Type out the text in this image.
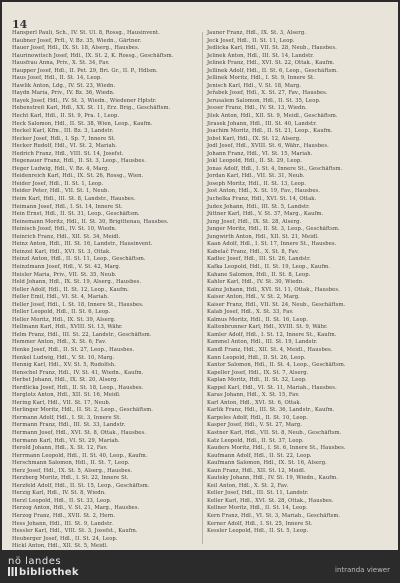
14
Hansperl Pauli, Sch., IV. St. Ul. 8, Rossg., Hausinvent.
Haubner Josef, Prfl., V. Bz. 35, Wiedn., Gärtner.
Hauer Josef, Hdl., IX. St. 18, Alserg., Hausbes.
Haurinowitsch Josef, Hdl., IX. St. 2, K. Rossg., Geschäftsm.
Hausfrau Anna, Priv., X. St. 34, Fav.
Haupper Josef, Hdl., II. Pet. 29, Bri. Gr., II. P., Hdlsm.
Haus Josef, Hdl., II. St. 14, Leop.
Hawlik Anton, Ldg., IV. St. 23, Wiedn.
Haydn Maria, Priv., IV. Bz. 36, Wiedn.
Hayek Josef, Hdl., IV. St. 3, Wiedn., Wiedener Hptstr.
Hebenstreit Karl, Hdl., XX. St. 11, Erz. Brig., Geschäftsm.
Hecht Karl, Hdl., II. St. 9, Pra. 1, Leop.
Heck Salomon, Hdl., II. St. 38, Wien, Leop., Kaufm.
Heckel Karl, Kfm., III. Bz. 3, Landstr.
Hecker Josef, Hdl., I. Sp. 7, Innere St.
Hecker Rudolf, Hdl., VI. St. 2, Mariah.
Hedrich Franz, Hdl., VIII. St. 14, Josefst.
Hegenauer Franz, Hdl., II. St. 3, Leop., Hausbes.
Heger Ludwig, Hdl., V. Bz. 4, Marg.
Heidenreich Karl, Hdl., IX. St. 26, Rossg., Wien.
Heider Josef, Hdl., II. St. 1, Leop.
Heider Peter, Hdl., VII. St. 1, Neub.
Heim Karl, Hdl., III. St. 8, Landstr., Hausbes.
Heimann Josef, Hdl., I. St. 14, Innere St.
Hein Ernst, Hdl., II. St. 31, Leop., Geschäftsm.
Heinemann Moritz, Hdl., II. St. 30, Brigittenau, Hausbes.
Heinisch Josef, Hdl., IV. St. 10, Wiedn.
Heinrich Franz, Hdl., XII. St. 34, Meidl.
Heinz Anton, Hdl., III. St. 16, Landstr., Hausinvent.
Heinzel Karl, Hdl., XVI. St. 3, Ottak.
Heinzl Anton, Hdl., II. St. 11, Leop., Geschäftsm.
Heinzlmann Josef, Hdl., V. St. 42, Marg.
Heisler Maria, Priv., VII. St. 35, Neub.
Held Johann, Hdl., IX. St. 19, Alserg., Hausbes.
Heller Adolf, Hdl., II. St. 12, Leop., Kaufm.
Heller Emil, Hdl., VI. St. 4, Mariah.
Heller Josef, Hdl., I. St. 18, Innere St., Hausbes.
Heller Leopold, Hdl., II. St. 6, Leop.
Heller Moritz, Hdl., IX. St. 39, Alserg.
Hellmann Karl, Hdl., XVIII. St. 13, Währ.
Helm Franz, Hdl., III. St. 22, Landstr., Geschäftsm.
Hemmer Anton, Hdl., X. St. 6, Fav.
Henke Josef, Hdl., II. St. 27, Leop., Hausbes.
Henkel Ludwig, Hdl., V. St. 10, Marg.
Hennig Karl, Hdl., XV. St. 5, Rudolfsh.
Henschel Franz, Hdl., IV. St. 41, Wiedn., Kaufm.
Herbst Johann, Hdl., IX. St. 20, Alserg.
Herdlicka Josef, Hdl., II. St. 18, Leop., Hausbes.
Herglotz Anton, Hdl., XII. St. 16, Meidl.
Hering Karl, Hdl., VII. St. 17, Neub.
Herlinger Moritz, Hdl., II. St. 2, Leop., Geschäftsm.
Hermann Adolf, Hdl., I. St. 3, Innere St.
Hermann Franz, Hdl., III. St. 33, Landstr.
Hermann Josef, Hdl., XVI. St. 8, Ottak., Hausbes.
Hermann Karl, Hdl., VI. St. 29, Mariah.
Herold Johann, Hdl., X. St. 12, Fav.
Herrmann Leopold, Hdl., II. St. 40, Leop., Kaufm.
Herschmann Salomon, Hdl., II. St. 7, Leop.
Herz Josef, Hdl., IX. St. 5, Alserg., Hausbes.
Herzberg Moritz, Hdl., I. St. 22, Innere St.
Herzfeld Adolf, Hdl., II. St. 15, Leop., Geschäftsm.
Herzig Karl, Hdl., IV. St. 8, Wiedn.
Herzl Leopold, Hdl., II. St. 33, Leop.
Herzog Anton, Hdl., V. St. 21, Marg., Hausbes.
Herzog Franz, Hdl., XVII. St. 2, Hern.
Hess Johann, Hdl., III. St. 9, Landstr.
Hessler Karl, Hdl., VIII. St. 3, Josefst., Kaufm.
Heuberger Josef, Hdl., II. St. 24, Leop.
Hickl Anton, Hdl., XII. St. 5, Meidl.
Jauner Franz, Hdl., IX. St. 3, Alserg.
Jeck Josef, Hdl., II. St. 11, Leop.
Jedlicka Karl, Hdl., VII. St. 28, Neub., Hausbes.
Jelinek Anton, Hdl., III. St. 14, Landstr.
Jelinek Franz, Hdl., XVI. St. 22, Ottak., Kaufm.
Jellinek Adolf, Hdl., II. St. 6, Leop., Geschäftsm.
Jellinek Moritz, Hdl., I. St. 9, Innere St.
Jenisch Karl, Hdl., V. St. 18, Marg.
Jeřabek Josef, Hdl., X. St. 27, Fav., Hausbes.
Jerusalem Salomon, Hdl., II. St. 35, Leop.
Jesser Franz, Hdl., IV. St. 13, Wiedn.
Jilek Anton, Hdl., XII. St. 9, Meidl., Geschäftsm.
Jirasek Johann, Hdl., III. St. 40, Landstr.
Joachim Moritz, Hdl., II. St. 21, Leop., Kaufm.
Jobst Karl, Hdl., IX. St. 12, Alserg.
Jodl Josef, Hdl., XVIII. St. 6, Währ., Hausbes.
Johann Franz, Hdl., VI. St. 15, Mariah.
Jokl Leopold, Hdl., II. St. 29, Leop.
Jonas Adolf, Hdl., I. St. 4, Innere St., Geschäftsm.
Jordan Karl, Hdl., VII. St. 31, Neub.
Joseph Moritz, Hdl., II. St. 13, Leop.
Jost Anton, Hdl., X. St. 19, Fav., Hausbes.
Juchelka Franz, Hdl., XVI. St. 14, Ottak.
Judex Johann, Hdl., III. St. 5, Landstr.
Jüttner Karl, Hdl., V. St. 37, Marg., Kaufm.
Jung Josef, Hdl., IX. St. 28, Alserg.
Junger Moritz, Hdl., II. St. 3, Leop., Geschäftsm.
Jungwirth Anton, Hdl., XII. St. 21, Meidl.
Kaan Adolf, Hdl., I. St. 17, Innere St., Hausbes.
Kabelač Franz, Hdl., X. St. 8, Fav.
Kadlec Josef, Hdl., III. St. 26, Landstr.
Kafka Leopold, Hdl., II. St. 19, Leop., Kaufm.
Kahane Salomon, Hdl., II. St. 8, Leop.
Kahler Karl, Hdl., IV. St. 30, Wiedn.
Kainz Johann, Hdl., XVI. St. 11, Ottak., Hausbes.
Kaiser Anton, Hdl., V. St. 2, Marg.
Kaiser Franz, Hdl., VII. St. 24, Neub., Geschäftsm.
Kalab Josef, Hdl., X. St. 33, Fav.
Kalmus Moritz, Hdl., II. St. 16, Leop.
Kaltenbrunner Karl, Hdl., XVIII. St. 9, Währ.
Kamler Adolf, Hdl., I. St. 12, Innere St., Kaufm.
Kammel Anton, Hdl., III. St. 19, Landstr.
Kandl Franz, Hdl., XII. St. 4, Meidl., Hausbes.
Kann Leopold, Hdl., II. St. 26, Leop.
Kantor Salomon, Hdl., II. St. 4, Leop., Geschäftsm.
Kapeller Josef, Hdl., IX. St. 7, Alserg.
Kaplan Moritz, Hdl., II. St. 32, Leop.
Kappel Karl, Hdl., VI. St. 11, Mariah., Hausbes.
Karas Johann, Hdl., X. St. 15, Fav.
Karl Anton, Hdl., XVI. St. 6, Ottak.
Karlik Franz, Hdl., III. St. 36, Landstr., Kaufm.
Karpeles Adolf, Hdl., II. St. 10, Leop.
Kasper Josef, Hdl., V. St. 27, Marg.
Kastner Karl, Hdl., VII. St. 8, Neub., Geschäftsm.
Katz Leopold, Hdl., II. St. 37, Leop.
Kauders Moritz, Hdl., I. St. 6, Innere St., Hausbes.
Kaufmann Adolf, Hdl., II. St. 22, Leop.
Kaufmann Salomon, Hdl., IX. St. 16, Alserg.
Kaun Franz, Hdl., XII. St. 12, Meidl.
Kautsky Johann, Hdl., IV. St. 19, Wiedn., Kaufm.
Keil Anton, Hdl., X. St. 2, Fav.
Keller Josef, Hdl., III. St. 11, Landstr.
Keller Karl, Hdl., XVI. St. 28, Ottak., Hausbes.
Kellner Moritz, Hdl., II. St. 14, Leop.
Kern Franz, Hdl., VI. St. 3, Mariah., Geschäftsm.
Kerner Adolf, Hdl., I. St. 25, Innere St.
Kessler Leopold, Hdl., II. St. 5, Leop.
nö landes
bibliothek	intranda viewer
